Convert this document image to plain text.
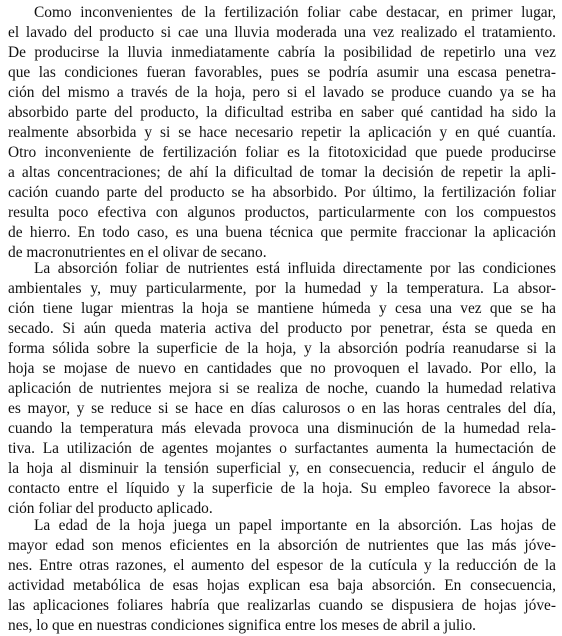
Como inconvenientes de la fertilización foliar cabe destacar, en primer lugar,

el lavado del producto si cae una lluvia moderada una vez realizado el tratamiento.

De producirse la lluvia inmediatamente cabría la posibilidad de repetirlo una vez

que las condiciones fueran favorables, pues se podría asumir una escasa penetra-

ción del mismo a través de la hoja, pero si el lavado se produce cuando ya se ha

absorbido parte del producto, la dificultad estriba en saber qué cantidad ha sido la

realmente absorbida y si se hace necesario repetir la aplicación y en qué cuantía.

Otro inconveniente de fertilización foliar es la fitotoxicidad que puede producirse

a altas concentraciones; de ahí la dificultad de tomar la decisión de repetir la apli-

cación cuando parte del producto se ha absorbido. Por último, la fertilización foliar

resulta poco efectiva con algunos productos, particularmente con los compuestos

de hierro. En todo caso, es una buena técnica que permite fraccionar la aplicación

de macronutrientes en el olivar de secano.

La absorción foliar de nutrientes está influida directamente por las condiciones

ambientales y, muy particularmente, por la humedad y la temperatura. La absor-

ción tiene lugar mientras la hoja se mantiene húmeda y cesa una vez que se ha

secado. Si aún queda materia activa del producto por penetrar, ésta se queda en

forma sólida sobre la superficie de la hoja, y la absorción podría reanudarse si la

hoja se mojase de nuevo en cantidades que no provoquen el lavado. Por ello, la

aplicación de nutrientes mejora si se realiza de noche, cuando la humedad relativa

es mayor, y se reduce si se hace en días calurosos o en las horas centrales del día,

cuando la temperatura más elevada provoca una disminución de la humedad rela-

tiva. La utilización de agentes mojantes o surfactantes aumenta la humectación de

la hoja al disminuir la tensión superficial y, en consecuencia, reducir el ángulo de

contacto entre el líquido y la superficie de la hoja. Su empleo favorece la absor-

ción foliar del producto aplicado.

La edad de la hoja juega un papel importante en la absorción. Las hojas de

mayor edad son menos eficientes en la absorción de nutrientes que las más jóve-

nes. Entre otras razones, el aumento del espesor de la cutícula y la reducción de la

actividad metabólica de esas hojas explican esa baja absorción. En consecuencia,

las aplicaciones foliares habría que realizarlas cuando se dispusiera de hojas jóve-

nes, lo que en nuestras condiciones significa entre los meses de abril a julio.
